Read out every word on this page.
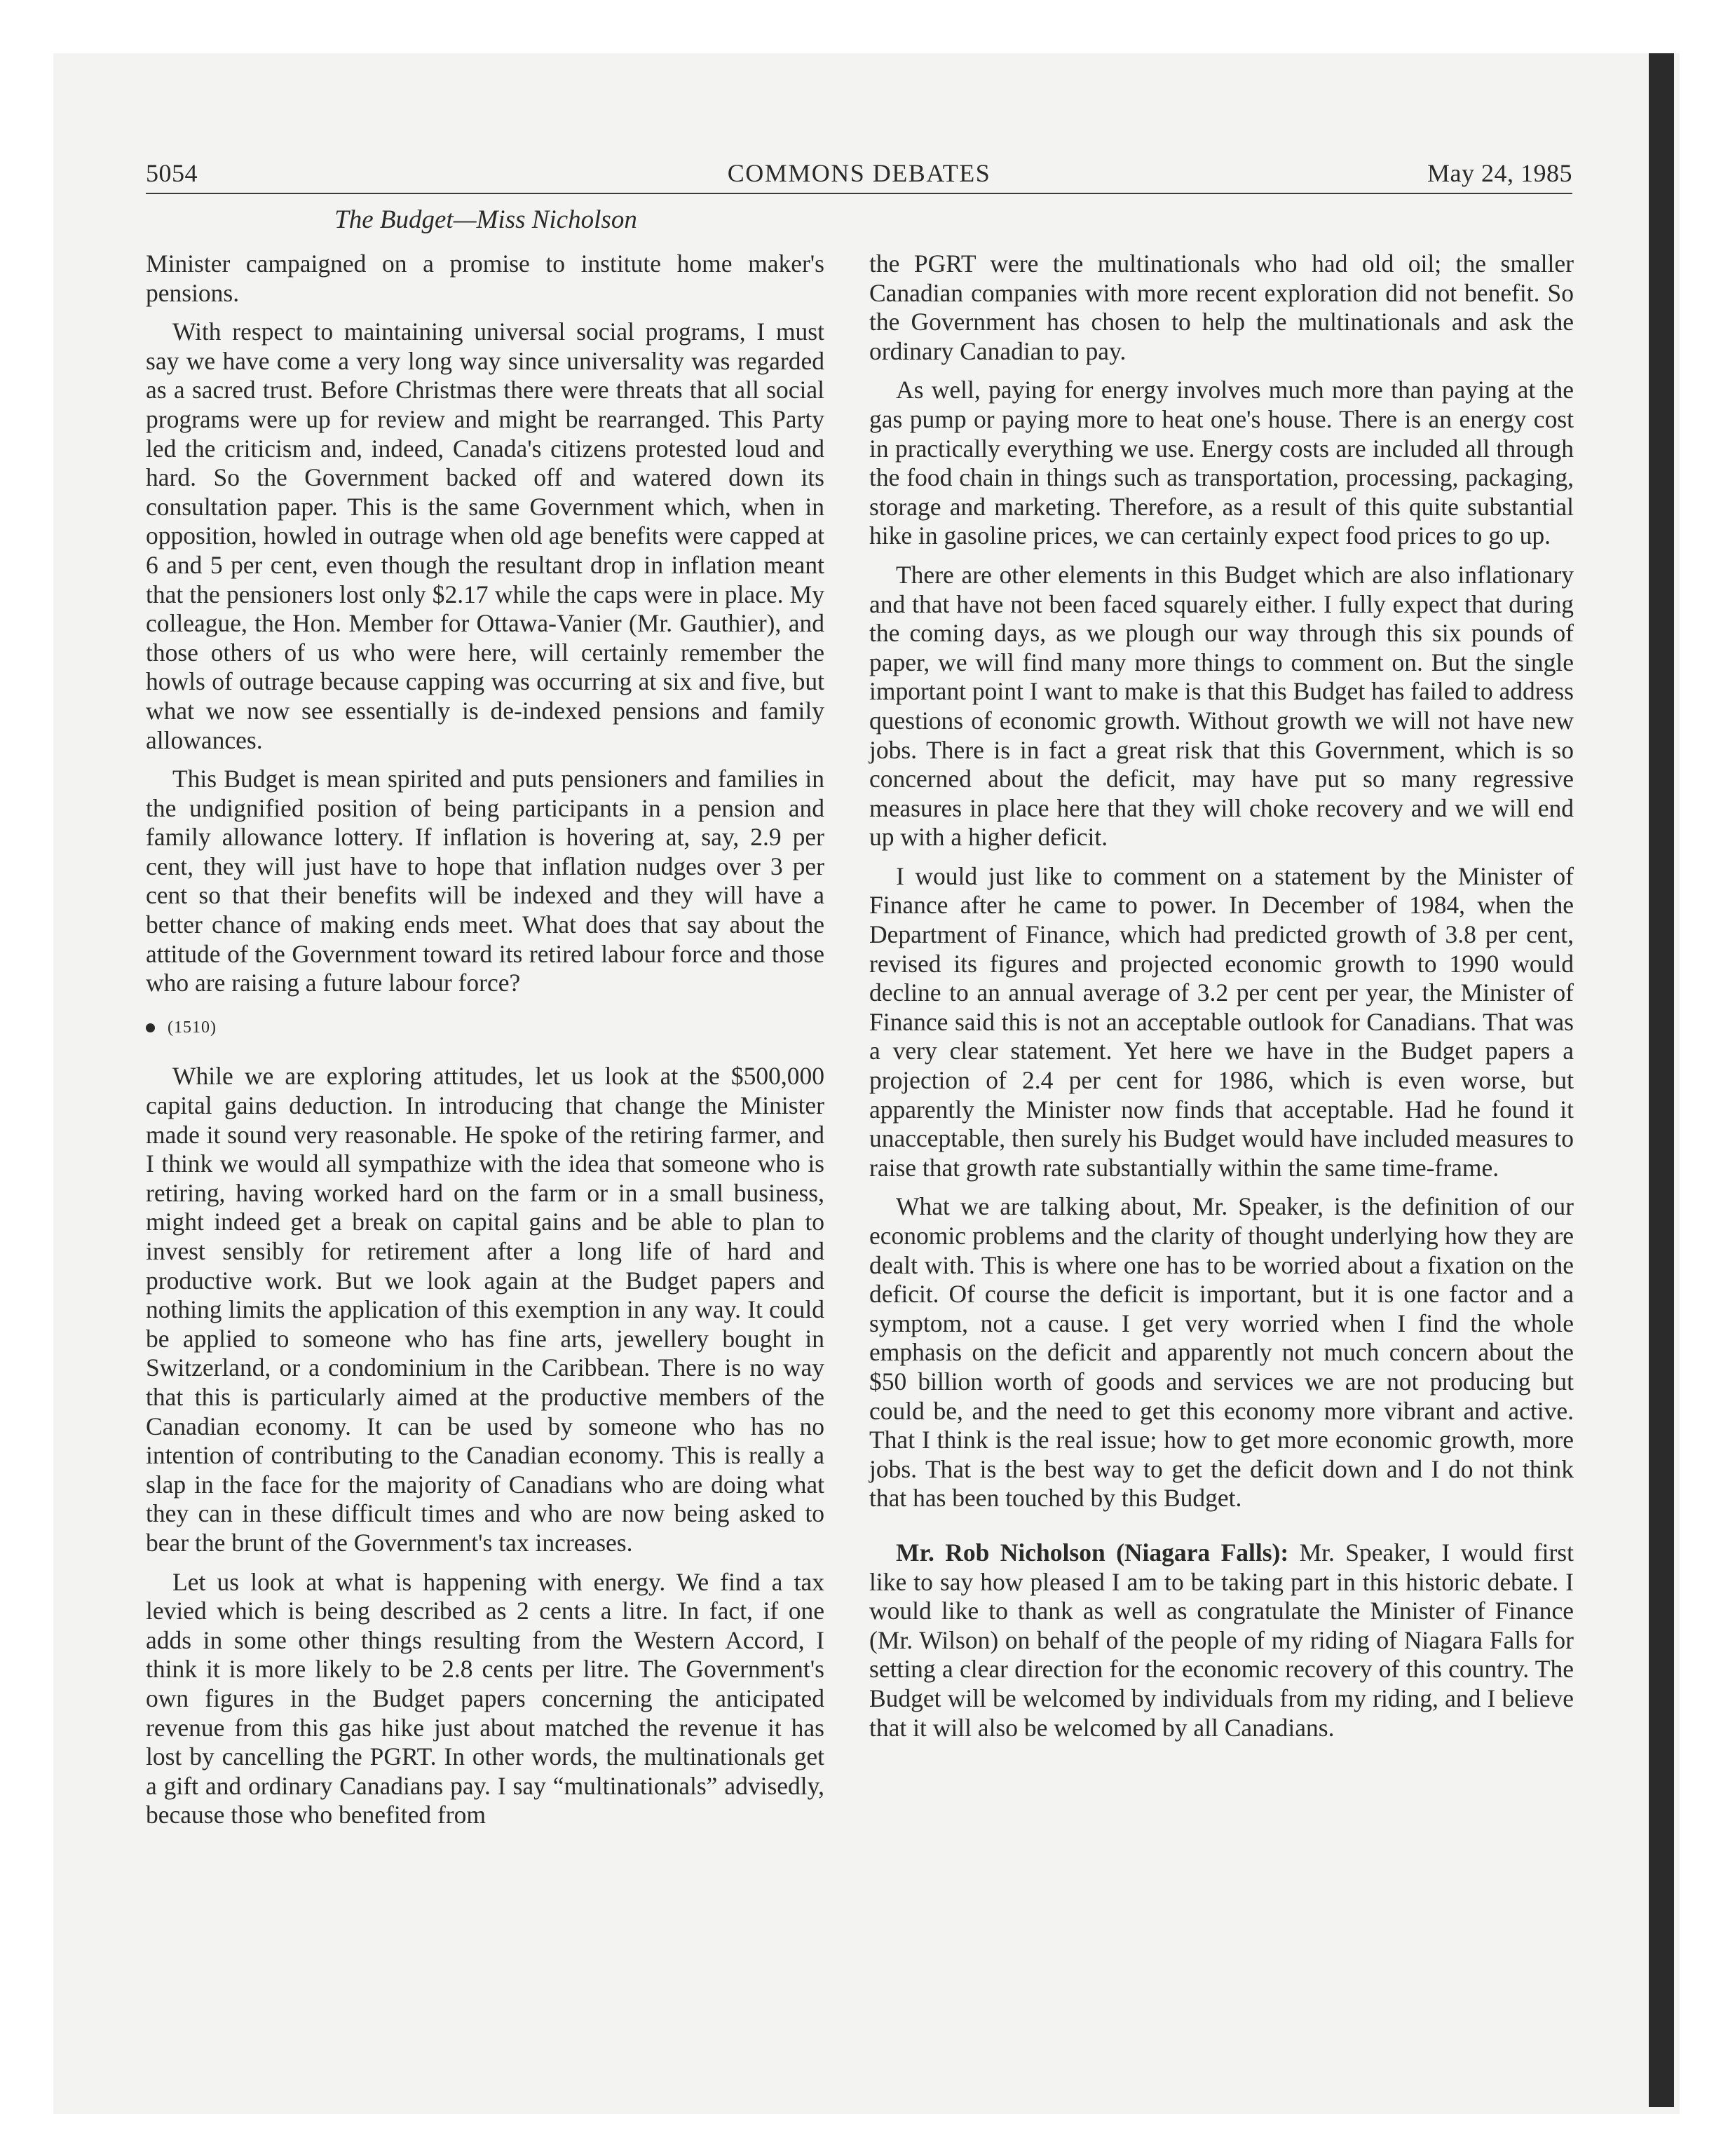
5054	COMMONS DEBATES	May 24, 1985
The Budget—Miss Nicholson

Minister campaigned on a promise to institute home maker's pensions.

With respect to maintaining universal social programs, I must say we have come a very long way since universality was regarded as a sacred trust. Before Christmas there were threats that all social programs were up for review and might be rearranged. This Party led the criticism and, indeed, Canada's citizens protested loud and hard. So the Government backed off and watered down its consultation paper. This is the same Government which, when in opposition, howled in outrage when old age benefits were capped at 6 and 5 per cent, even though the resultant drop in inflation meant that the pensioners lost only $2.17 while the caps were in place. My colleague, the Hon. Member for Ottawa-Vanier (Mr. Gauthier), and those others of us who were here, will certainly remember the howls of outrage because capping was occurring at six and five, but what we now see essentially is de-indexed pensions and family allowances.

This Budget is mean spirited and puts pensioners and families in the undignified position of being participants in a pension and family allowance lottery. If inflation is hovering at, say, 2.9 per cent, they will just have to hope that inflation nudges over 3 per cent so that their benefits will be indexed and they will have a better chance of making ends meet. What does that say about the attitude of the Government toward its retired labour force and those who are raising a future labour force?

(1510)

While we are exploring attitudes, let us look at the $500,000 capital gains deduction. In introducing that change the Minister made it sound very reasonable. He spoke of the retiring farmer, and I think we would all sympathize with the idea that someone who is retiring, having worked hard on the farm or in a small business, might indeed get a break on capital gains and be able to plan to invest sensibly for retirement after a long life of hard and productive work. But we look again at the Budget papers and nothing limits the application of this exemption in any way. It could be applied to someone who has fine arts, jewellery bought in Switzerland, or a condominium in the Caribbean. There is no way that this is particularly aimed at the productive members of the Canadian economy. It can be used by someone who has no intention of contributing to the Canadian economy. This is really a slap in the face for the majority of Canadians who are doing what they can in these difficult times and who are now being asked to bear the brunt of the Government's tax increases.

Let us look at what is happening with energy. We find a tax levied which is being described as 2 cents a litre. In fact, if one adds in some other things resulting from the Western Accord, I think it is more likely to be 2.8 cents per litre. The Government's own figures in the Budget papers concerning the anticipated revenue from this gas hike just about matched the revenue it has lost by cancelling the PGRT. In other words, the multinationals get a gift and ordinary Canadians pay. I say “multinationals” advisedly, because those who benefited from

the PGRT were the multinationals who had old oil; the smaller Canadian companies with more recent exploration did not benefit. So the Government has chosen to help the multinationals and ask the ordinary Canadian to pay.

As well, paying for energy involves much more than paying at the gas pump or paying more to heat one's house. There is an energy cost in practically everything we use. Energy costs are included all through the food chain in things such as transportation, processing, packaging, storage and marketing. Therefore, as a result of this quite substantial hike in gasoline prices, we can certainly expect food prices to go up.

There are other elements in this Budget which are also inflationary and that have not been faced squarely either. I fully expect that during the coming days, as we plough our way through this six pounds of paper, we will find many more things to comment on. But the single important point I want to make is that this Budget has failed to address questions of economic growth. Without growth we will not have new jobs. There is in fact a great risk that this Government, which is so concerned about the deficit, may have put so many regressive measures in place here that they will choke recovery and we will end up with a higher deficit.

I would just like to comment on a statement by the Minister of Finance after he came to power. In December of 1984, when the Department of Finance, which had predicted growth of 3.8 per cent, revised its figures and projected economic growth to 1990 would decline to an annual average of 3.2 per cent per year, the Minister of Finance said this is not an acceptable outlook for Canadians. That was a very clear statement. Yet here we have in the Budget papers a projection of 2.4 per cent for 1986, which is even worse, but apparently the Minister now finds that acceptable. Had he found it unacceptable, then surely his Budget would have included measures to raise that growth rate substantially within the same time-frame.

What we are talking about, Mr. Speaker, is the definition of our economic problems and the clarity of thought underlying how they are dealt with. This is where one has to be worried about a fixation on the deficit. Of course the deficit is important, but it is one factor and a symptom, not a cause. I get very worried when I find the whole emphasis on the deficit and apparently not much concern about the $50 billion worth of goods and services we are not producing but could be, and the need to get this economy more vibrant and active. That I think is the real issue; how to get more economic growth, more jobs. That is the best way to get the deficit down and I do not think that has been touched by this Budget.

Mr. Rob Nicholson (Niagara Falls): Mr. Speaker, I would first like to say how pleased I am to be taking part in this historic debate. I would like to thank as well as congratulate the Minister of Finance (Mr. Wilson) on behalf of the people of my riding of Niagara Falls for setting a clear direction for the economic recovery of this country. The Budget will be welcomed by individuals from my riding, and I believe that it will also be welcomed by all Canadians.
